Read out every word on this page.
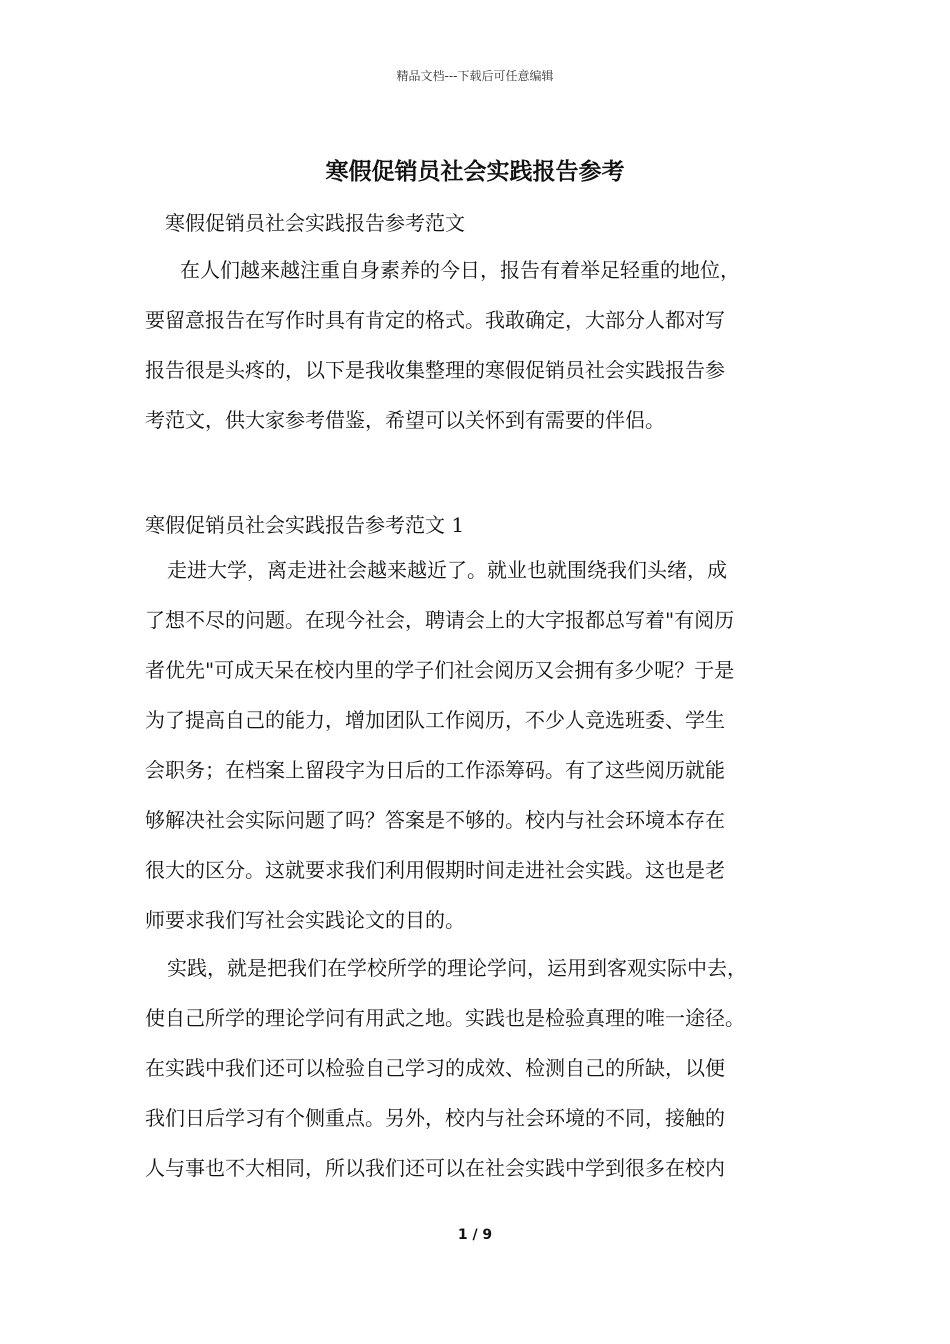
精品文档---下载后可任意编辑
寒假促销员社会实践报告参考
寒假促销员社会实践报告参考范文
在人们越来越注重自身素养的今日，报告有着举足轻重的地位，
要留意报告在写作时具有肯定的格式。我敢确定，大部分人都对写
报告很是头疼的，以下是我收集整理的寒假促销员社会实践报告参
考范文，供大家参考借鉴，希望可以关怀到有需要的伴侣。
寒假促销员社会实践报告参考范文 1
走进大学，离走进社会越来越近了。就业也就围绕我们头绪，成
了想不尽的问题。在现今社会，聘请会上的大字报都总写着"有阅历
者优先"可成天呆在校内里的学子们社会阅历又会拥有多少呢？于是
为了提高自己的能力，增加团队工作阅历，不少人竞选班委、学生
会职务；在档案上留段字为日后的工作添筹码。有了这些阅历就能
够解决社会实际问题了吗？答案是不够的。校内与社会环境本存在
很大的区分。这就要求我们利用假期时间走进社会实践。这也是老
师要求我们写社会实践论文的目的。
实践，就是把我们在学校所学的理论学问，运用到客观实际中去，
使自己所学的理论学问有用武之地。实践也是检验真理的唯一途径。
在实践中我们还可以检验自己学习的成效、检测自己的所缺，以便
我们日后学习有个侧重点。另外，校内与社会环境的不同，接触的
人与事也不大相同，所以我们还可以在社会实践中学到很多在校内
1 / 9
